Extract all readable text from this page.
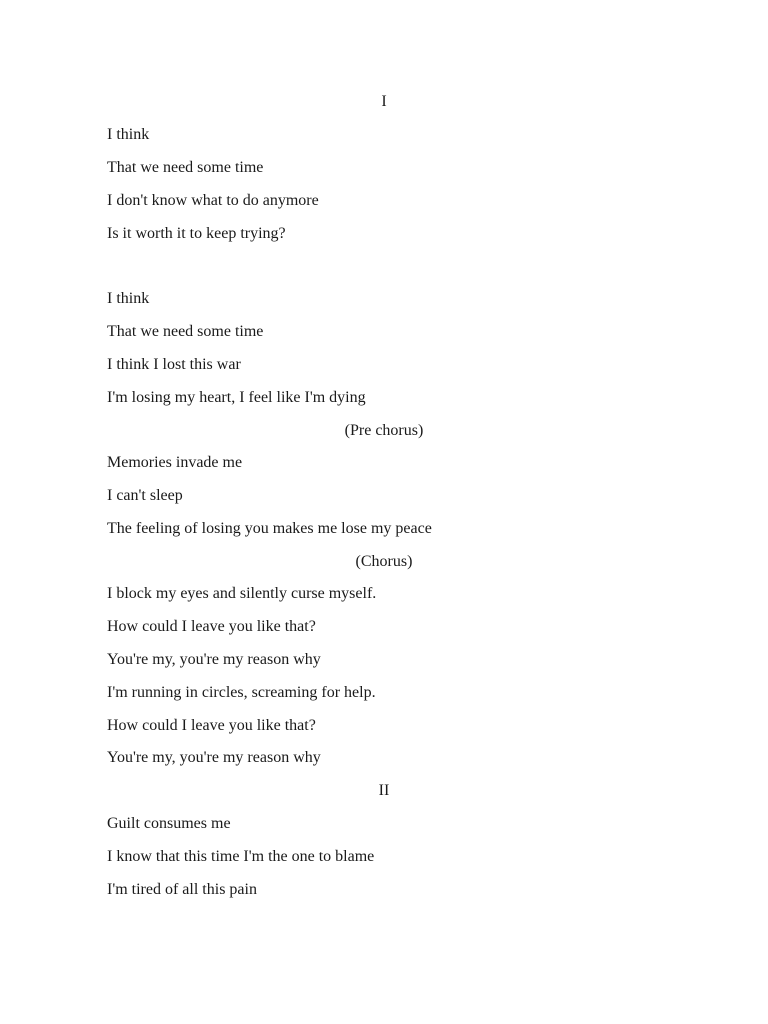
I
I think
That we need some time
I don't know what to do anymore
Is it worth it to keep trying?
I think
That we need some time
I think I lost this war
I'm losing my heart, I feel like I'm dying
(Pre chorus)
Memories invade me
I can't sleep
The feeling of losing you makes me lose my peace
(Chorus)
I block my eyes and silently curse myself.
How could I leave you like that?
You're my, you're my reason why
I'm running in circles, screaming for help.
How could I leave you like that?
You're my, you're my reason why
II
Guilt consumes me
I know that this time I'm the one to blame
I'm tired of all this pain
